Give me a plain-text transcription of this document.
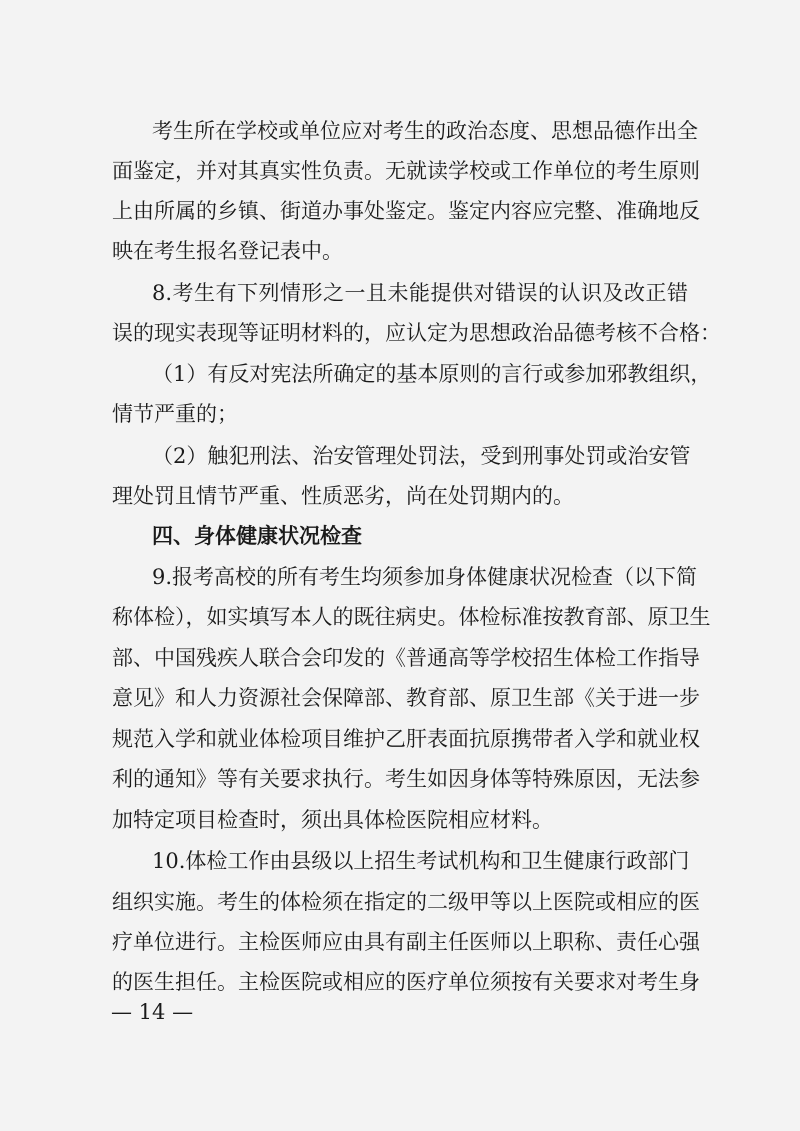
考生所在学校或单位应对考生的政治态度、思想品德作出全
面鉴定，并对其真实性负责。无就读学校或工作单位的考生原则
上由所属的乡镇、街道办事处鉴定。鉴定内容应完整、准确地反
映在考生报名登记表中。
8.考生有下列情形之一且未能提供对错误的认识及改正错
误的现实表现等证明材料的，应认定为思想政治品德考核不合格：
（1）有反对宪法所确定的基本原则的言行或参加邪教组织，
情节严重的；
（2）触犯刑法、治安管理处罚法，受到刑事处罚或治安管
理处罚且情节严重、性质恶劣，尚在处罚期内的。
四、身体健康状况检查
9.报考高校的所有考生均须参加身体健康状况检查（以下简
称体检），如实填写本人的既往病史。体检标准按教育部、原卫生
部、中国残疾人联合会印发的《普通高等学校招生体检工作指导
意见》和人力资源社会保障部、教育部、原卫生部《关于进一步
规范入学和就业体检项目维护乙肝表面抗原携带者入学和就业权
利的通知》等有关要求执行。考生如因身体等特殊原因，无法参
加特定项目检查时，须出具体检医院相应材料。
10.体检工作由县级以上招生考试机构和卫生健康行政部门
组织实施。考生的体检须在指定的二级甲等以上医院或相应的医
疗单位进行。主检医师应由具有副主任医师以上职称、责任心强
的医生担任。主检医院或相应的医疗单位须按有关要求对考生身
— 14 —
